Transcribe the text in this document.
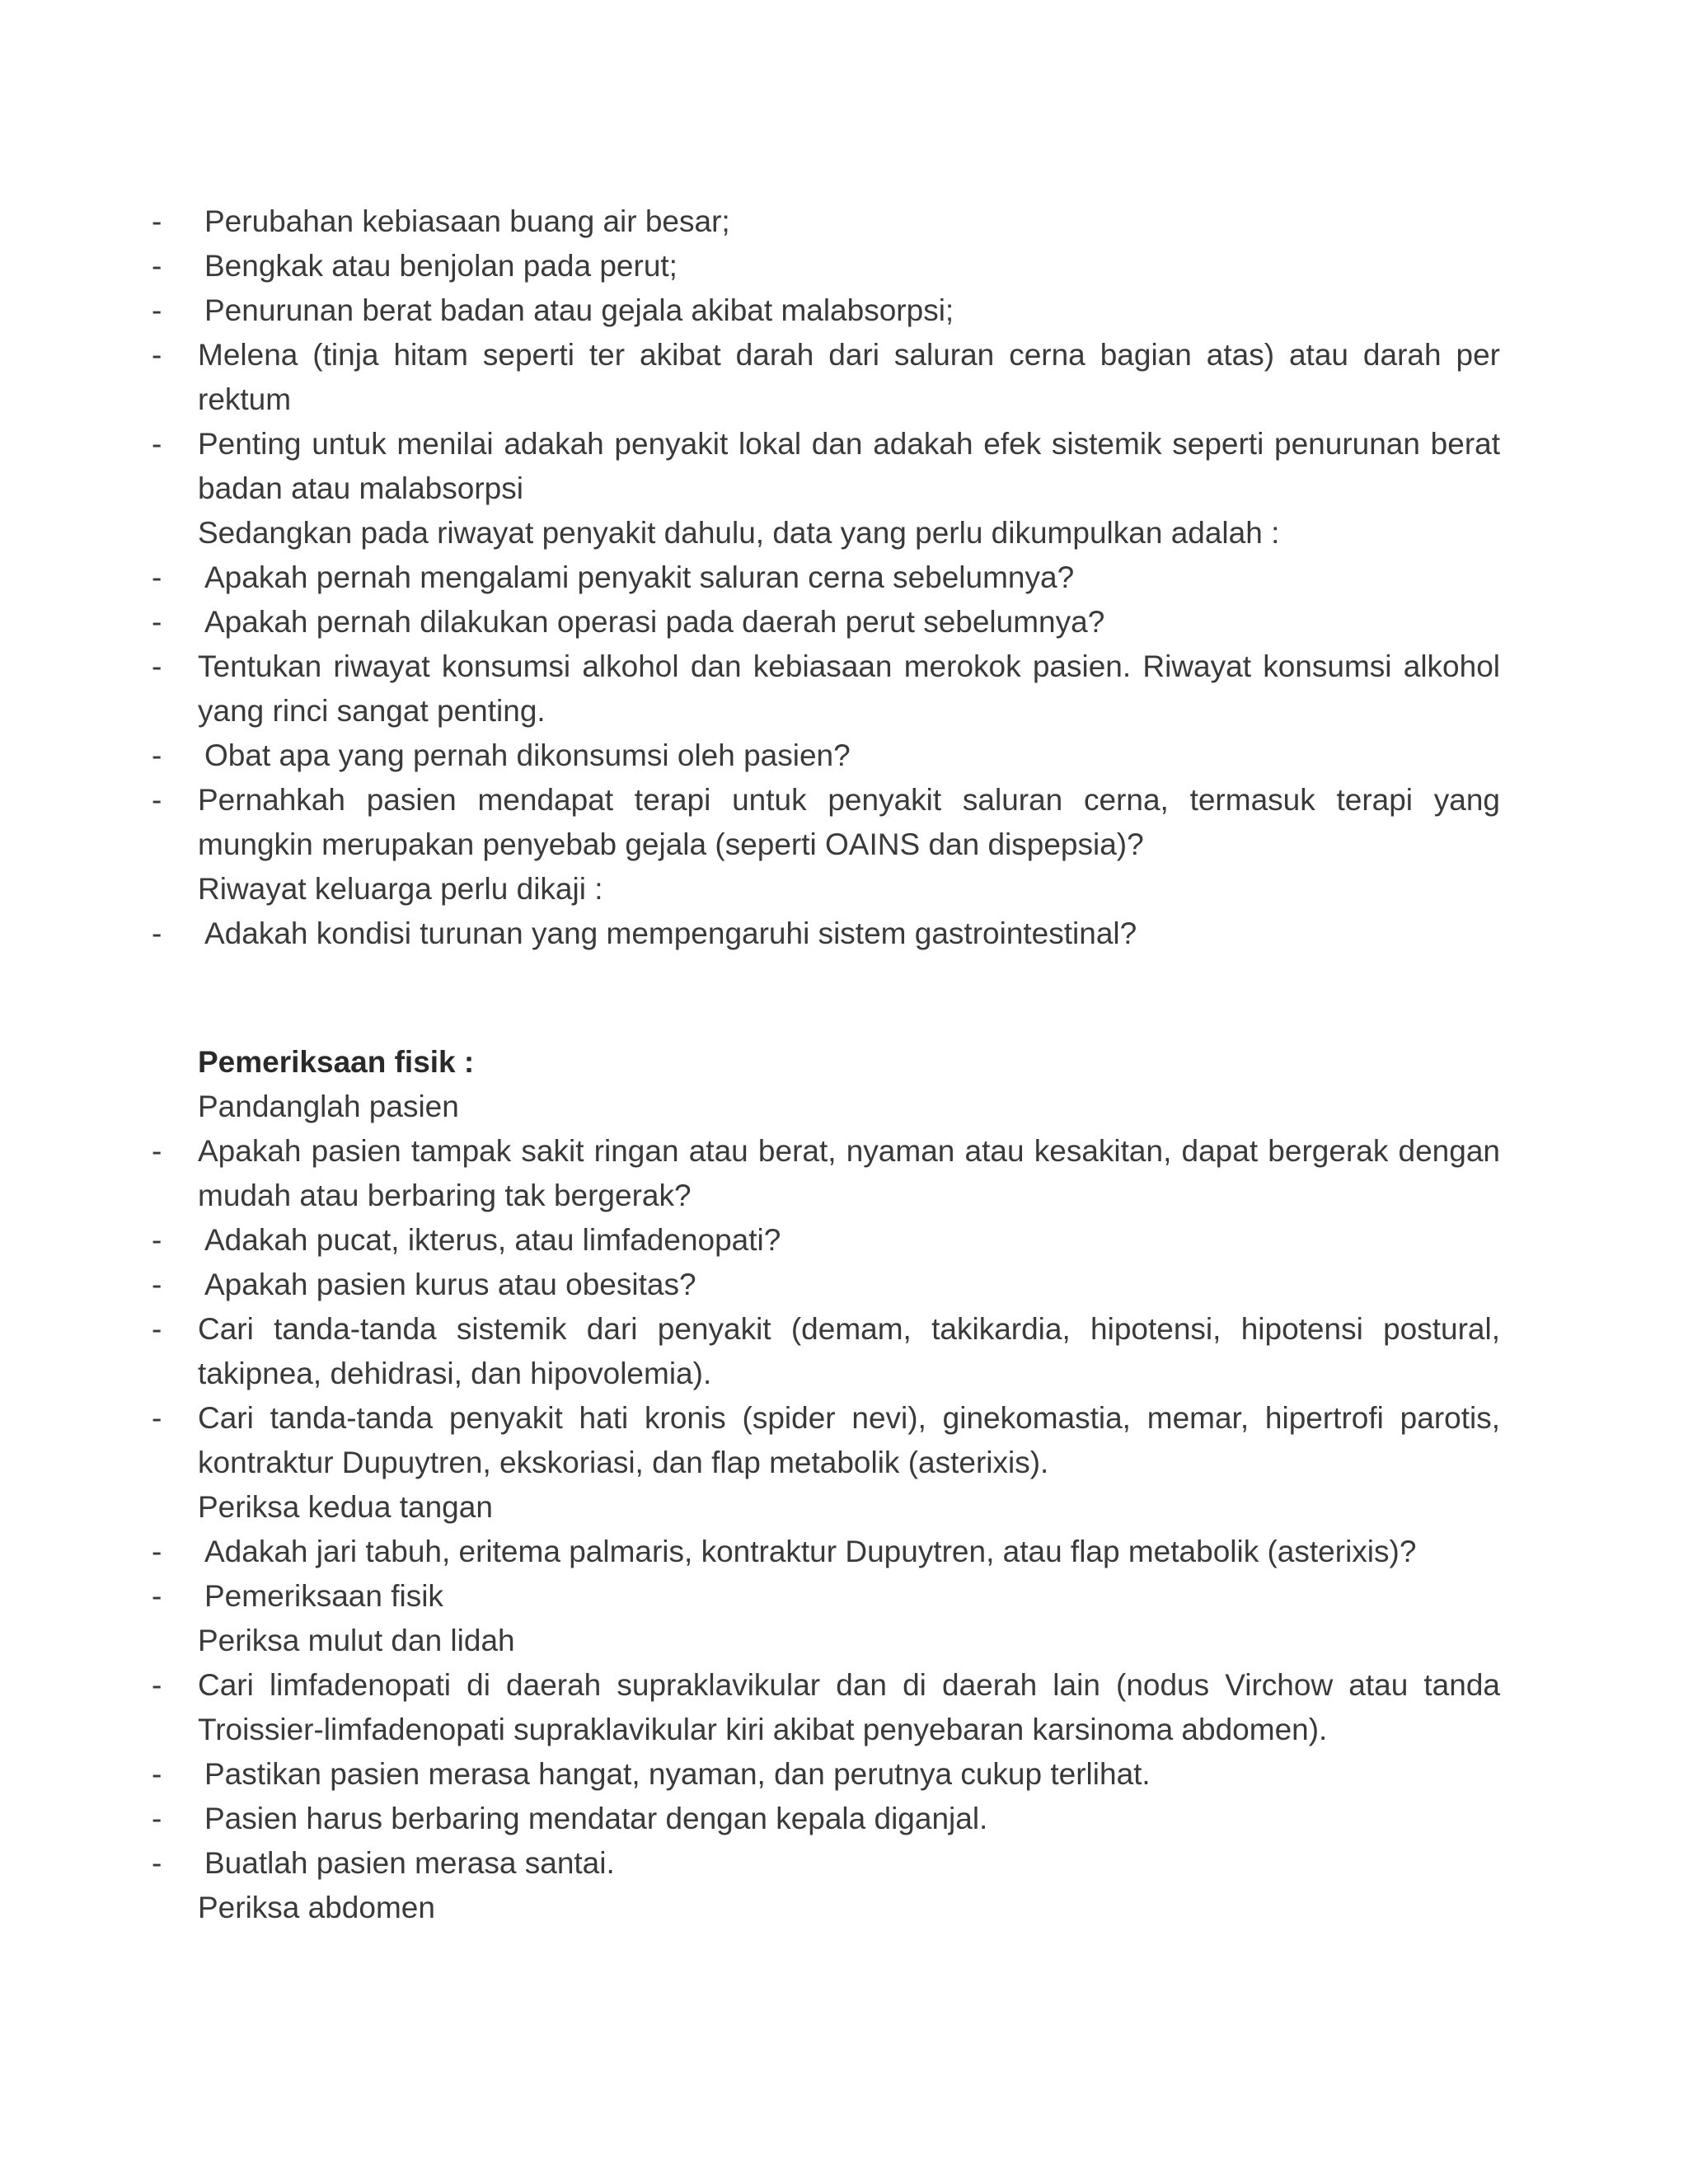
- Perubahan kebiasaan buang air besar;
- Bengkak atau benjolan pada perut;
- Penurunan berat badan atau gejala akibat malabsorpsi;
- Melena (tinja hitam seperti ter akibat darah dari saluran cerna bagian atas) atau darah per
rektum
- Penting untuk menilai adakah penyakit lokal dan adakah efek sistemik seperti penurunan berat
badan atau malabsorpsi
Sedangkan pada riwayat penyakit dahulu, data yang perlu dikumpulkan adalah :
- Apakah pernah mengalami penyakit saluran cerna sebelumnya?
- Apakah pernah dilakukan operasi pada daerah perut sebelumnya?
- Tentukan riwayat konsumsi alkohol dan kebiasaan merokok pasien. Riwayat konsumsi alkohol
yang rinci sangat penting.
- Obat apa yang pernah dikonsumsi oleh pasien?
- Pernahkah pasien mendapat terapi untuk penyakit saluran cerna, termasuk terapi yang
mungkin merupakan penyebab gejala (seperti OAINS dan dispepsia)?
Riwayat keluarga perlu dikaji :
- Adakah kondisi turunan yang mempengaruhi sistem gastrointestinal?
Pemeriksaan fisik :
Pandanglah pasien
- Apakah pasien tampak sakit ringan atau berat, nyaman atau kesakitan, dapat bergerak dengan
mudah atau berbaring tak bergerak?
- Adakah pucat, ikterus, atau limfadenopati?
- Apakah pasien kurus atau obesitas?
- Cari tanda-tanda sistemik dari penyakit (demam, takikardia, hipotensi, hipotensi postural,
takipnea, dehidrasi, dan hipovolemia).
- Cari tanda-tanda penyakit hati kronis (spider nevi), ginekomastia, memar, hipertrofi parotis,
kontraktur Dupuytren, ekskoriasi, dan flap metabolik (asterixis).
Periksa kedua tangan
- Adakah jari tabuh, eritema palmaris, kontraktur Dupuytren, atau flap metabolik (asterixis)?
- Pemeriksaan fisik
Periksa mulut dan lidah
- Cari limfadenopati di daerah supraklavikular dan di daerah lain (nodus Virchow atau tanda
Troissier-limfadenopati supraklavikular kiri akibat penyebaran karsinoma abdomen).
- Pastikan pasien merasa hangat, nyaman, dan perutnya cukup terlihat.
- Pasien harus berbaring mendatar dengan kepala diganjal.
- Buatlah pasien merasa santai.
Periksa abdomen
